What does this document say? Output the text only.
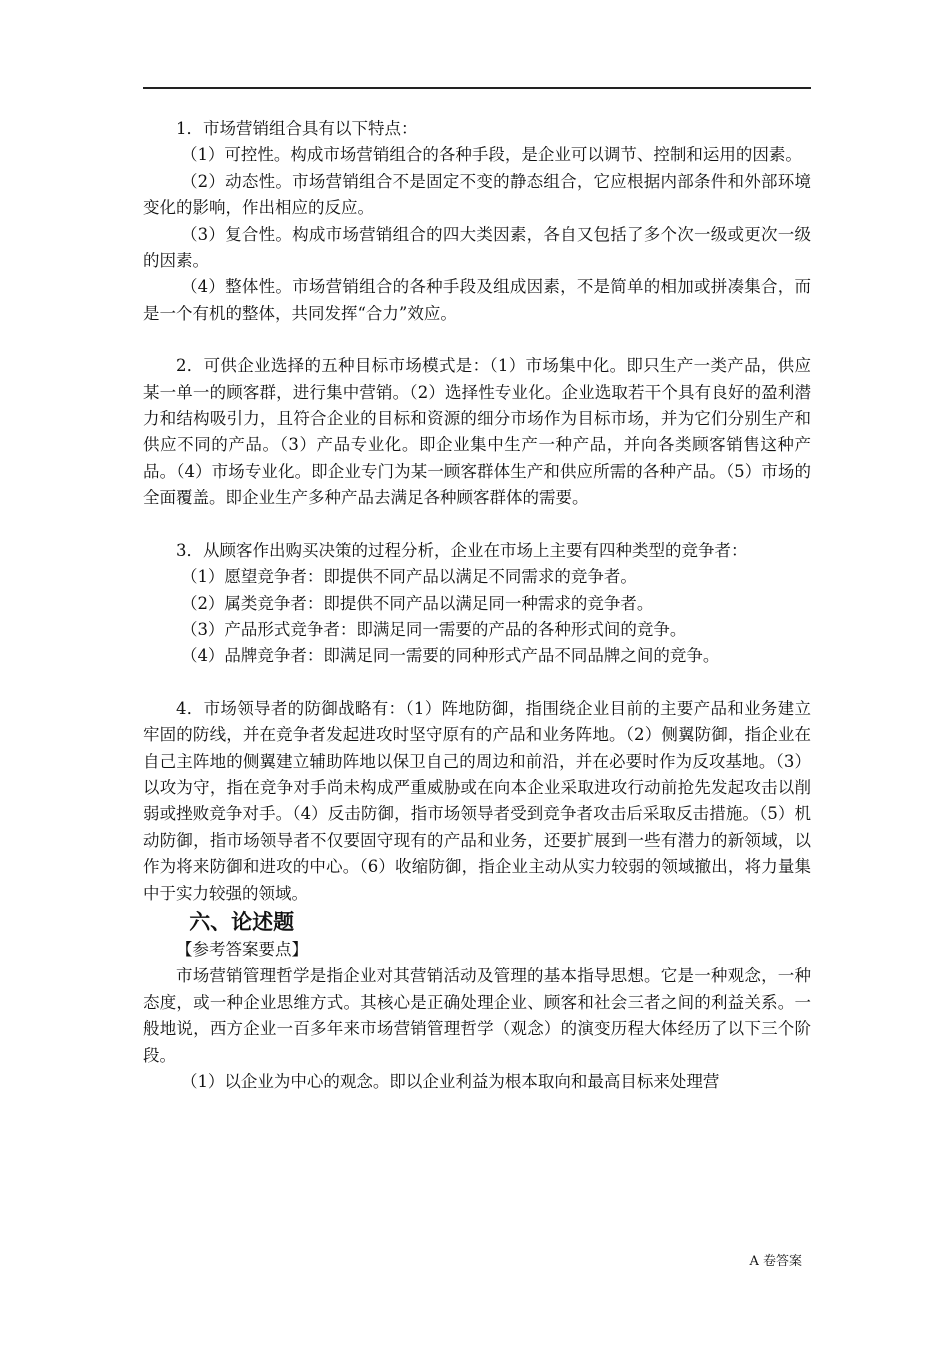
1．市场营销组合具有以下特点：

（1）可控性。构成市场营销组合的各种手段，是企业可以调节、控制和运用的因素。

（2）动态性。市场营销组合不是固定不变的静态组合，它应根据内部条件和外部环境变化的影响，作出相应的反应。

（3）复合性。构成市场营销组合的四大类因素，各自又包括了多个次一级或更次一级的因素。

（4）整体性。市场营销组合的各种手段及组成因素，不是简单的相加或拼凑集合，而是一个有机的整体，共同发挥“合力”效应。

2．可供企业选择的五种目标市场模式是：（1）市场集中化。即只生产一类产品，供应某一单一的顾客群，进行集中营销。（2）选择性专业化。企业选取若干个具有良好的盈利潜力和结构吸引力，且符合企业的目标和资源的细分市场作为目标市场，并为它们分别生产和供应不同的产品。（3）产品专业化。即企业集中生产一种产品，并向各类顾客销售这种产品。（4）市场专业化。即企业专门为某一顾客群体生产和供应所需的各种产品。（5）市场的全面覆盖。即企业生产多种产品去满足各种顾客群体的需要。

3．从顾客作出购买决策的过程分析，企业在市场上主要有四种类型的竞争者：

（1）愿望竞争者：即提供不同产品以满足不同需求的竞争者。

（2）属类竞争者：即提供不同产品以满足同一种需求的竞争者。

（3）产品形式竞争者：即满足同一需要的产品的各种形式间的竞争。

（4）品牌竞争者：即满足同一需要的同种形式产品不同品牌之间的竞争。

4．市场领导者的防御战略有：（1）阵地防御，指围绕企业目前的主要产品和业务建立牢固的防线，并在竞争者发起进攻时坚守原有的产品和业务阵地。（2）侧翼防御，指企业在自己主阵地的侧翼建立辅助阵地以保卫自己的周边和前沿，并在必要时作为反攻基地。（3）以攻为守，指在竞争对手尚未构成严重威胁或在向本企业采取进攻行动前抢先发起攻击以削弱或挫败竞争对手。（4）反击防御，指市场领导者受到竞争者攻击后采取反击措施。（5）机动防御，指市场领导者不仅要固守现有的产品和业务，还要扩展到一些有潜力的新领域，以作为将来防御和进攻的中心。（6）收缩防御，指企业主动从实力较弱的领域撤出，将力量集中于实力较强的领域。

六、论述题

【参考答案要点】

市场营销管理哲学是指企业对其营销活动及管理的基本指导思想。它是一种观念，一种态度，或一种企业思维方式。其核心是正确处理企业、顾客和社会三者之间的利益关系。一般地说，西方企业一百多年来市场营销管理哲学（观念）的演变历程大体经历了以下三个阶段。

（1）以企业为中心的观念。即以企业利益为根本取向和最高目标来处理营

A 卷答案
